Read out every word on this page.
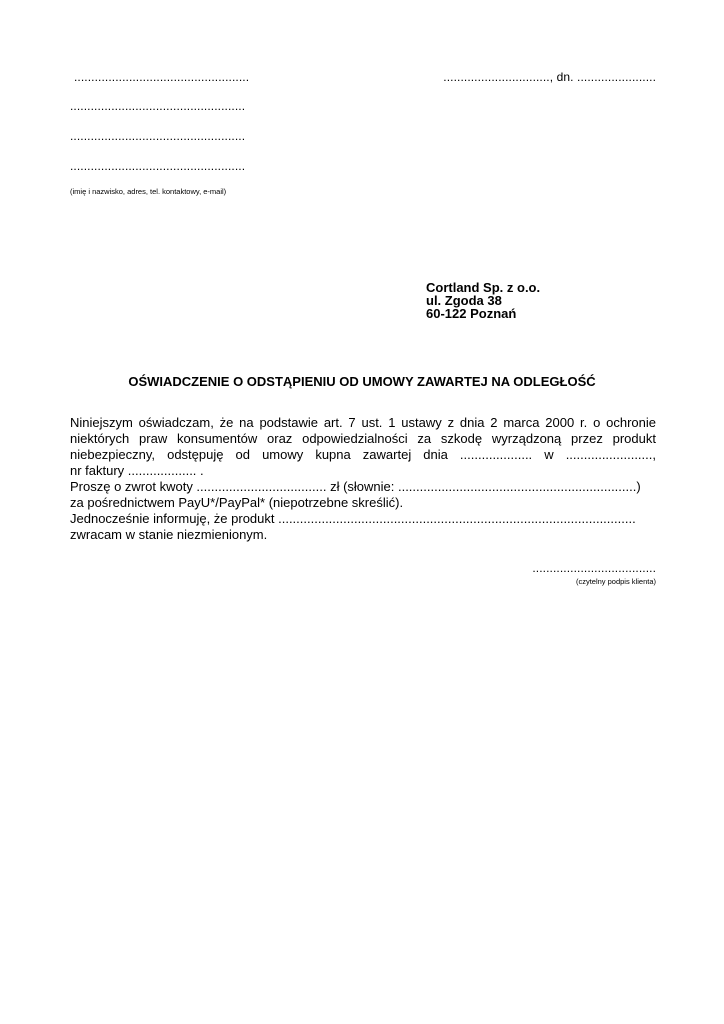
...................................................	..............................., dn. .......................
...................................................
...................................................
...................................................
(imię i nazwisko, adres, tel. kontaktowy, e-mail)
Cortland Sp. z o.o.
ul. Zgoda 38
60-122 Poznań
OŚWIADCZENIE O ODSTĄPIENIU OD UMOWY ZAWARTEJ NA ODLEGŁOŚĆ
Niniejszym oświadczam, że na podstawie art. 7 ust. 1 ustawy z dnia 2 marca 2000 r. o ochronie
niektórych praw konsumentów oraz odpowiedzialności za szkodę wyrządzoną przez produkt
niebezpieczny, odstępuję od umowy kupna zawartej dnia .................... w ........................,
nr faktury ................... .
Proszę o zwrot kwoty .................................... zł (słownie: ..................................................................)
za pośrednictwem PayU*/PayPal* (niepotrzebne skreślić).
Jednocześnie informuję, że produkt ...................................................................................................
zwracam w stanie niezmienionym.
....................................
(czytelny podpis klienta)
